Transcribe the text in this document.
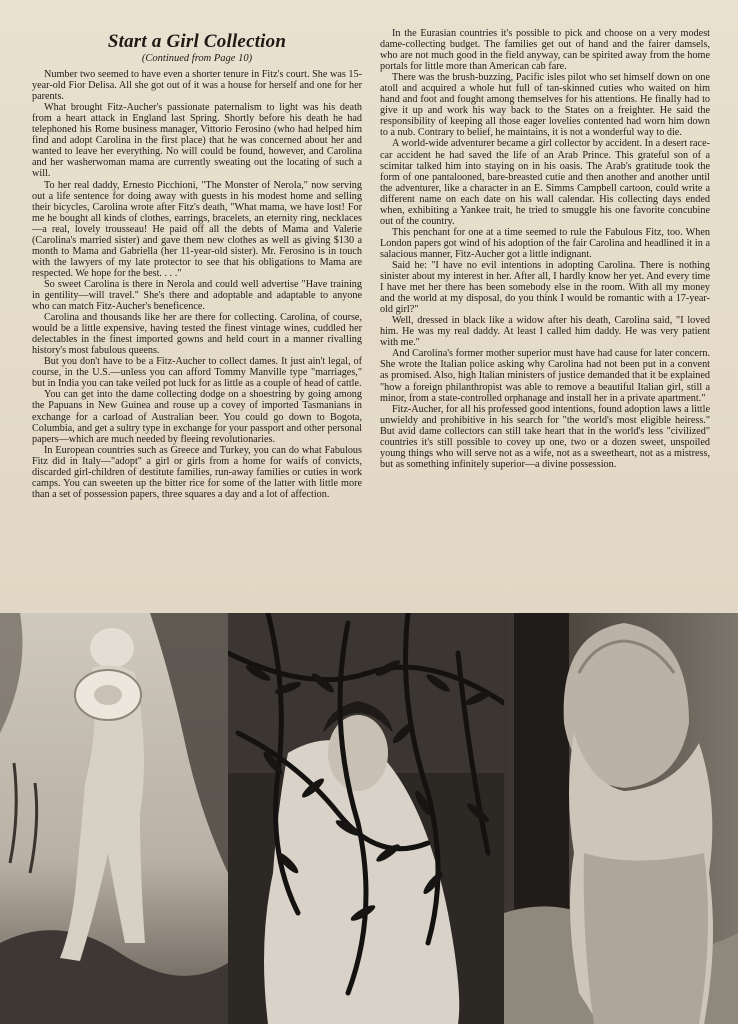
Start a Girl Collection
(Continued from Page 10)

Number two seemed to have even a shorter tenure in Fitz's court. She was 15-year-old Fior Delisa. All she got out of it was a house for herself and one for her parents.

What brought Fitz-Aucher's passionate paternalism to light was his death from a heart attack in England last Spring. Shortly before his death he had telephoned his Rome business manager, Vittorio Ferosino (who had helped him find and adopt Carolina in the first place) that he was concerned about her and wanted to leave her everything. No will could be found, however, and Carolina and her washerwoman mama are currently sweating out the locating of such a will.

To her real daddy, Ernesto Picchioni, "The Monster of Nerola," now serving out a life sentence for doing away with guests in his modest home and selling their bicycles, Carolina wrote after Fitz's death, "What mama, we have lost! For me he bought all kinds of clothes, earrings, bracelets, an eternity ring, necklaces—a real, lovely trousseau! He paid off all the debts of Mama and Valerie (Carolina's married sister) and gave them new clothes as well as giving $130 a month to Mama and Gabriella (her 11-year-old sister). Mr. Ferosino is in touch with the lawyers of my late protector to see that his obligations to Mama are respected. We hope for the best. . . ."

So sweet Carolina is there in Nerola and could well advertise "Have training in gentility—will travel." She's there and adoptable and adaptable to anyone who can match Fitz-Aucher's beneficence.

Carolina and thousands like her are there for collecting. Carolina, of course, would be a little expensive, having tested the finest vintage wines, cuddled her delectables in the finest imported gowns and held court in a manner rivalling history's most fabulous queens.

But you don't have to be a Fitz-Aucher to collect dames. It just ain't legal, of course, in the U.S.—unless you can afford Tommy Manville type "marriages," but in India you can take veiled pot luck for as little as a couple of head of cattle.

You can get into the dame collecting dodge on a shoestring by going among the Papuans in New Guinea and rouse up a covey of imported Tasmanians in exchange for a carload of Australian beer. You could go down to Bogota, Columbia, and get a sultry type in exchange for your passport and other personal papers—which are much needed by fleeing revolutionaries.

In European countries such as Greece and Turkey, you can do what Fabulous Fitz did in Italy—"adopt" a girl or girls from a home for waifs of convicts, discarded girl-children of destitute families, run-away families or cuties in work camps. You can sweeten up the bitter rice for some of the latter with little more than a set of possession papers, three squares a day and a lot of affection.

In the Eurasian countries it's possible to pick and choose on a very modest dame-collecting budget. The families get out of hand and the fairer damsels, who are not much good in the field anyway, can be spirited away from the home portals for little more than American cab fare.

There was the brush-buzzing, Pacific isles pilot who set himself down on one atoll and acquired a whole hut full of tan-skinned cuties who waited on him hand and foot and fought among themselves for his attentions. He finally had to give it up and work his way back to the States on a freighter. He said the responsibility of keeping all those eager lovelies contented had worn him down to a nub. Contrary to belief, he maintains, it is not a wonderful way to die.

A world-wide adventurer became a girl collector by accident. In a desert race-car accident he had saved the life of an Arab Prince. This grateful son of a scimitar talked him into staying on in his oasis. The Arab's gratitude took the form of one pantalooned, bare-breasted cutie and then another and another until the adventurer, like a character in an E. Simms Campbell cartoon, could write a different name on each date on his wall calendar. His collecting days ended when, exhibiting a Yankee trait, he tried to smuggle his one favorite concubine out of the country.

This penchant for one at a time seemed to rule the Fabulous Fitz, too. When London papers got wind of his adoption of the fair Carolina and headlined it in a salacious manner, Fitz-Aucher got a little indignant.

Said he: "I have no evil intentions in adopting Carolina. There is nothing sinister about my interest in her. After all, I hardly know her yet. And every time I have met her there has been somebody else in the room. With all my money and the world at my disposal, do you think I would be romantic with a 17-year-old girl?"

Well, dressed in black like a widow after his death, Carolina said, "I loved him. He was my real daddy. At least I called him daddy. He was very patient with me."

And Carolina's former mother superior must have had cause for later concern. She wrote the Italian police asking why Carolina had not been put in a convent as promised. Also, high Italian ministers of justice demanded that it be explained "how a foreign philanthropist was able to remove a beautiful Italian girl, still a minor, from a state-controlled orphanage and install her in a private apartment."

Fitz-Aucher, for all his professed good intentions, found adoption laws a little unwieldy and prohibitive in his search for "the world's most eligible heiress." But avid dame collectors can still take heart that in the world's less "civilized" countries it's still possible to covey up one, two or a dozen sweet, unspoiled young things who will serve not as a wife, not as a sweetheart, not as a mistress, but as something infinitely superior—a divine possession.
